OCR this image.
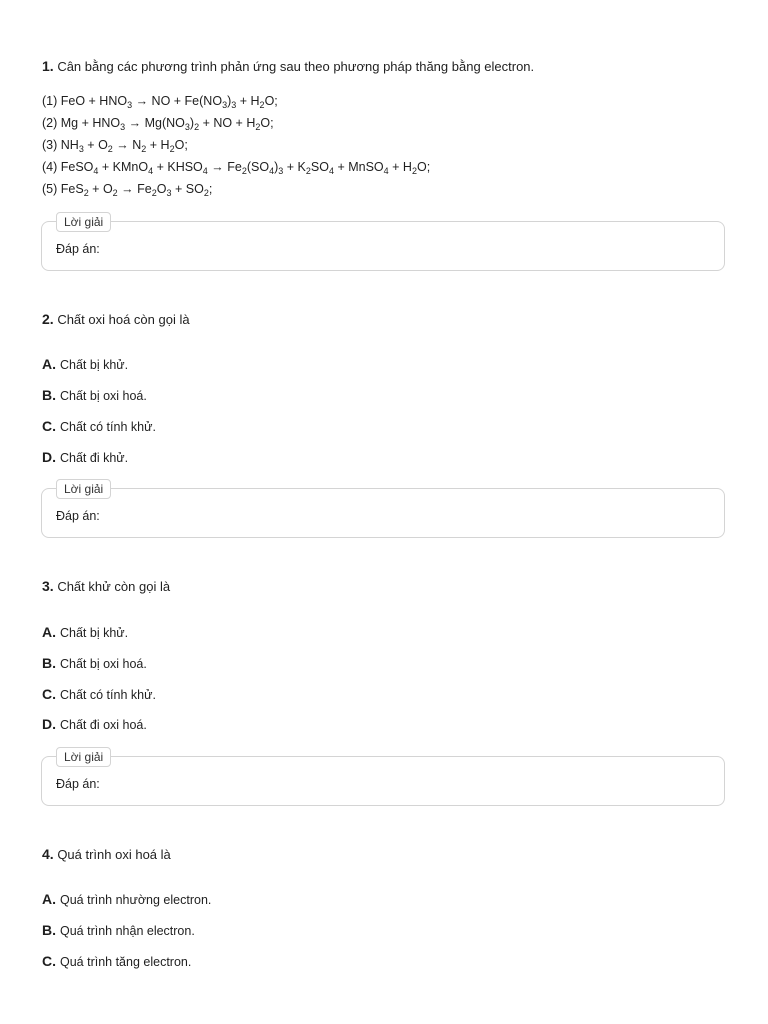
1. Cân bằng các phương trình phản ứng sau theo phương pháp thăng bằng electron.
(1) FeO + $HNO_3$ → NO + $Fe(NO_3)_3 + H_2O$;
(2) $Mg + HNO_3 \to Mg(NO_3)_2$ + NO + $H_2O$;
(3) $NH_3 + O_2 \to N_2 + H_2O$;
(4) FeSO$_4$ + KMnO$_4$ + $KHSO_4 \to Fe_2(SO_4)_3 + K_2SO_4$ + MnSO$_4$ + $H_2O$;
(5) $FeS_2 + O_2 \to Fe_2O_3 + SO_2$;
Lời giải
Đáp án:
2. Chất oxi hoá còn gọi là
A. Chất bị khử.
B. Chất bị oxi hoá.
C. Chất có tính khử.
D. Chất đi khử.
Lời giải
Đáp án:
3. Chất khử còn gọi là
A. Chất bị khử.
B. Chất bị oxi hoá.
C. Chất có tính khử.
D. Chất đi oxi hoá.
Lời giải
Đáp án:
4. Quá trình oxi hoá là
A. Quá trình nhường electron.
B. Quá trình nhận electron.
C. Quá trình tăng electron.
